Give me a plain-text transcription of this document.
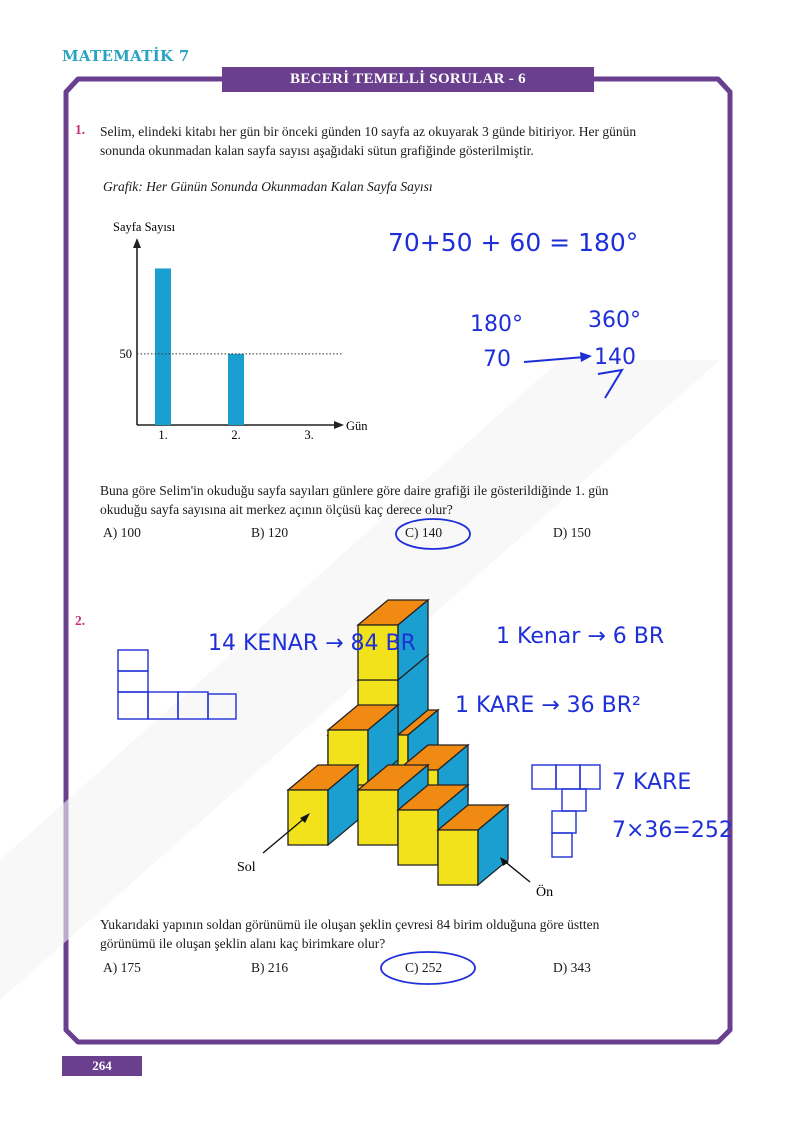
MATEMATİK 7
BECERİ TEMELLİ SORULAR - 6
1. Selim, elindeki kitabı her gün bir önceki günden 10 sayfa az okuyarak 3 günde bitiriyor. Her günün
sonunda okunmadan kalan sayfa sayısı aşağıdaki sütun grafiğinde gösterilmiştir.
Grafik: Her Günün Sonunda Okunmadan Kalan Sayfa Sayısı
Sayfa Sayısı
Gün
1.	2.	3.
50
Buna göre Selim'in okuduğu sayfa sayıları günlere göre daire grafiği ile gösterildiğinde 1. gün
okuduğu sayfa sayısına ait merkez açının ölçüsü kaç derece olur?
A) 100	B) 120	C) 140	D) 150
2.
Sol
Ön
Yukarıdaki yapının soldan görünümü ile oluşan şeklin çevresi 84 birim olduğuna göre üstten
görünümü ile oluşan şeklin alanı kaç birimkare olur?
A) 175	B) 216	C) 252	D) 343
70+50 + 60 = 180°
180°	360°
70	140
14 KENAR → 84 BR	1 Kenar → 6 BR
1 KARE → 36 BR²
7 KARE
7×36=252
264
